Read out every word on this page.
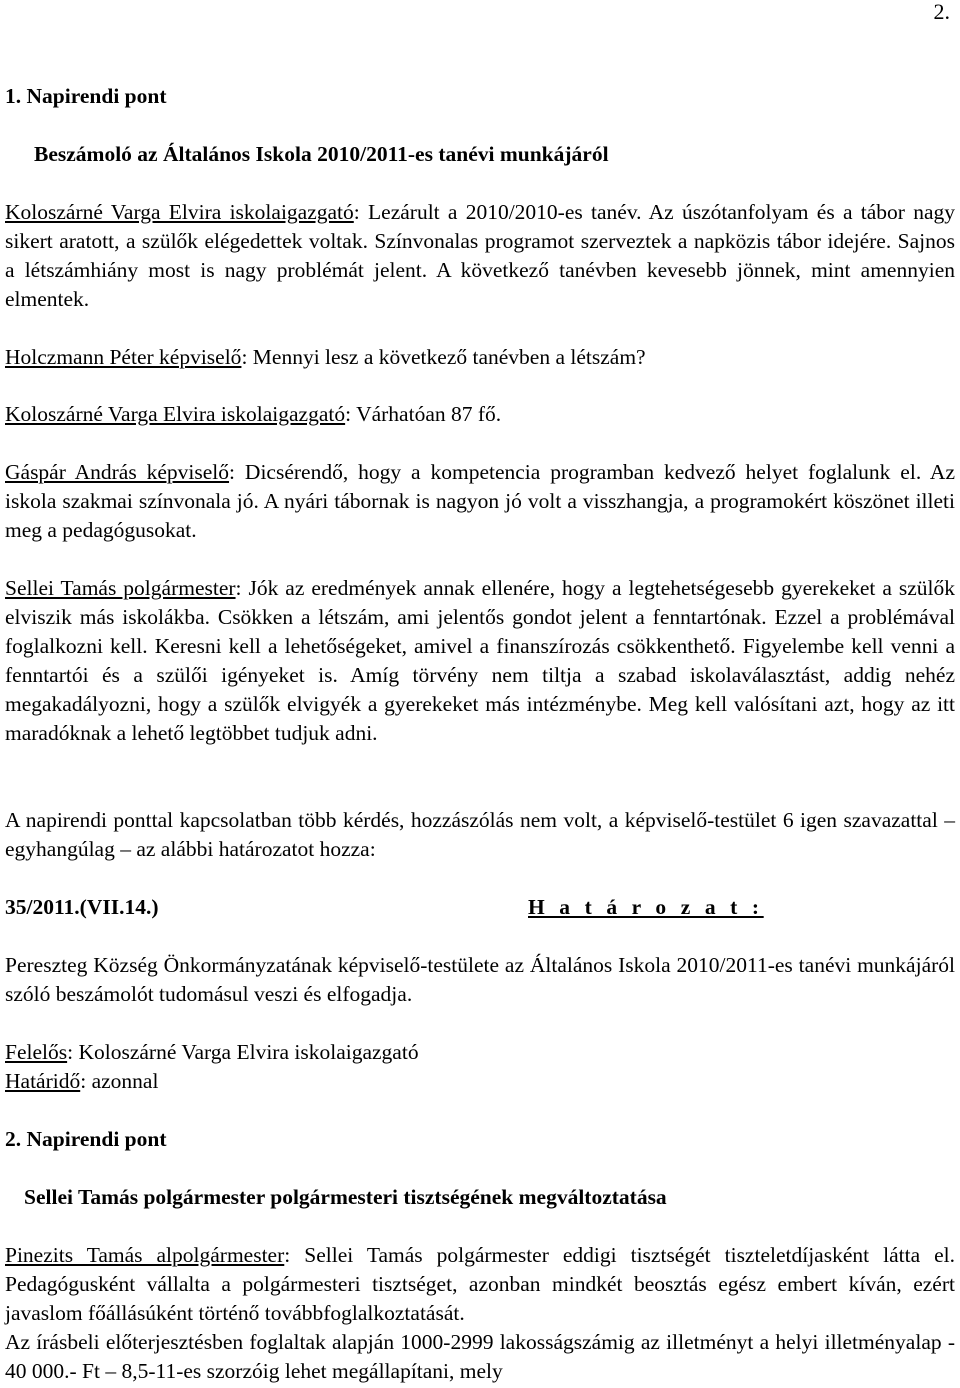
2.
1. Napirendi pont
Beszámoló az Általános Iskola 2010/2011-es tanévi munkájáról
Koloszárné Varga Elvira iskolaigazgató: Lezárult a 2010/2010-es tanév. Az úszótanfolyam és a tábor nagy sikert aratott, a szülők elégedettek voltak. Színvonalas programot szerveztek a napközis tábor idejére. Sajnos a létszámhiány most is nagy problémát jelent. A következő tanévben kevesebb jönnek, mint amennyien elmentek.
Holczmann Péter képviselő: Mennyi lesz a következő tanévben a létszám?
Koloszárné Varga Elvira iskolaigazgató: Várhatóan 87 fő.
Gáspár András képviselő: Dicsérendő, hogy a kompetencia programban kedvező helyet foglalunk el. Az iskola szakmai színvonala jó. A nyári tábornak is nagyon jó volt a visszhangja, a programokért köszönet illeti meg a pedagógusokat.
Sellei Tamás polgármester: Jók az eredmények annak ellenére, hogy a legtehetségesebb gyerekeket a szülők elviszik más iskolákba. Csökken a létszám, ami jelentős gondot jelent a fenntartónak. Ezzel a problémával foglalkozni kell. Keresni kell a lehetőségeket, amivel a finanszírozás csökkenthető. Figyelembe kell venni a fenntartói és a szülői igényeket is. Amíg törvény nem tiltja a szabad iskolaválasztást, addig nehéz megakadályozni, hogy a szülők elvigyék a gyerekeket más intézménybe. Meg kell valósítani azt, hogy az itt maradóknak a lehető legtöbbet tudjuk adni.
A napirendi ponttal kapcsolatban több kérdés, hozzászólás nem volt, a képviselő-testület 6 igen szavazattal – egyhangúlag – az alábbi határozatot hozza:
35/2011.(VII.14.)	H a t á r o z a t :
Pereszteg Község Önkormányzatának képviselő-testülete az Általános Iskola 2010/2011-es tanévi munkájáról szóló beszámolót tudomásul veszi és elfogadja.
Felelős: Koloszárné Varga Elvira iskolaigazgató
Határidő: azonnal
2. Napirendi pont
Sellei Tamás polgármester polgármesteri tisztségének megváltoztatása
Pinezits Tamás alpolgármester: Sellei Tamás polgármester eddigi tisztségét tiszteletdíjasként látta el. Pedagógusként vállalta a polgármesteri tisztséget, azonban mindkét beosztás egész embert kíván, ezért javaslom főállásúként történő továbbfoglalkoztatását.
Az írásbeli előterjesztésben foglaltak alapján 1000-2999 lakosságszámig az illetményt a helyi illetményalap - 40 000.- Ft – 8,5-11-es szorzóig lehet megállapítani, mely
